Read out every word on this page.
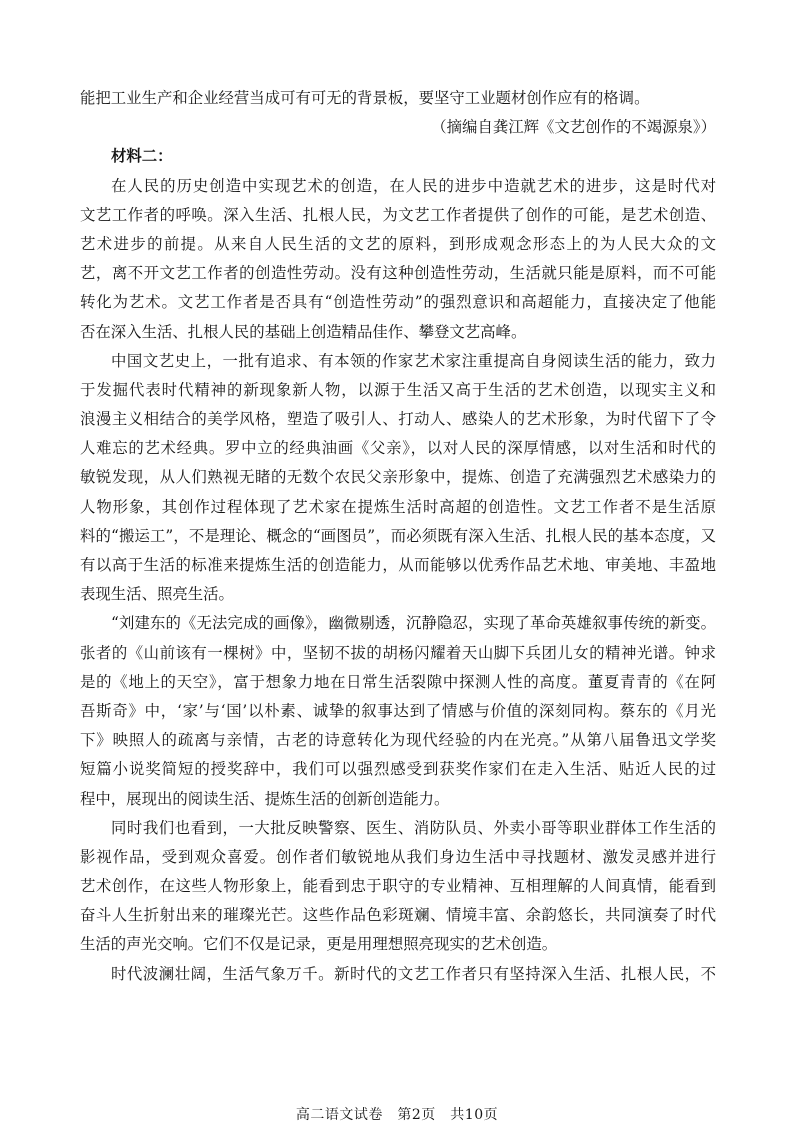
能把工业生产和企业经营当成可有可无的背景板，要坚守工业题材创作应有的格调。
（摘编自龚江辉《文艺创作的不竭源泉》）
材料二：
在人民的历史创造中实现艺术的创造，在人民的进步中造就艺术的进步，这是时代对
文艺工作者的呼唤。深入生活、扎根人民，为文艺工作者提供了创作的可能，是艺术创造、
艺术进步的前提。从来自人民生活的文艺的原料，到形成观念形态上的为人民大众的文
艺，离不开文艺工作者的创造性劳动。没有这种创造性劳动，生活就只能是原料，而不可能
转化为艺术。文艺工作者是否具有“创造性劳动”的强烈意识和高超能力，直接决定了他能
否在深入生活、扎根人民的基础上创造精品佳作、攀登文艺高峰。
中国文艺史上，一批有追求、有本领的作家艺术家注重提高自身阅读生活的能力，致力
于发掘代表时代精神的新现象新人物，以源于生活又高于生活的艺术创造，以现实主义和
浪漫主义相结合的美学风格，塑造了吸引人、打动人、感染人的艺术形象，为时代留下了令
人难忘的艺术经典。罗中立的经典油画《父亲》，以对人民的深厚情感，以对生活和时代的
敏锐发现，从人们熟视无睹的无数个农民父亲形象中，提炼、创造了充满强烈艺术感染力的
人物形象，其创作过程体现了艺术家在提炼生活时高超的创造性。文艺工作者不是生活原
料的“搬运工”，不是理论、概念的“画图员”，而必须既有深入生活、扎根人民的基本态度，又
有以高于生活的标准来提炼生活的创造能力，从而能够以优秀作品艺术地、审美地、丰盈地
表现生活、照亮生活。
“刘建东的《无法完成的画像》，幽微剔透，沉静隐忍，实现了革命英雄叙事传统的新变。
张者的《山前该有一棵树》中，坚韧不拔的胡杨闪耀着天山脚下兵团儿女的精神光谱。钟求
是的《地上的天空》，富于想象力地在日常生活裂隙中探测人性的高度。董夏青青的《在阿
吾斯奇》中，‘家’与‘国’以朴素、诚挚的叙事达到了情感与价值的深刻同构。蔡东的《月光
下》映照人的疏离与亲情，古老的诗意转化为现代经验的内在光亮。”从第八届鲁迅文学奖
短篇小说奖简短的授奖辞中，我们可以强烈感受到获奖作家们在走入生活、贴近人民的过
程中，展现出的阅读生活、提炼生活的创新创造能力。
同时我们也看到，一大批反映警察、医生、消防队员、外卖小哥等职业群体工作生活的
影视作品，受到观众喜爱。创作者们敏锐地从我们身边生活中寻找题材、激发灵感并进行
艺术创作，在这些人物形象上，能看到忠于职守的专业精神、互相理解的人间真情，能看到
奋斗人生折射出来的璀璨光芒。这些作品色彩斑斓、情境丰富、余韵悠长，共同演奏了时代
生活的声光交响。它们不仅是记录，更是用理想照亮现实的艺术创造。
时代波澜壮阔，生活气象万千。新时代的文艺工作者只有坚持深入生活、扎根人民，不
高二语文试卷　第2页　共10页
